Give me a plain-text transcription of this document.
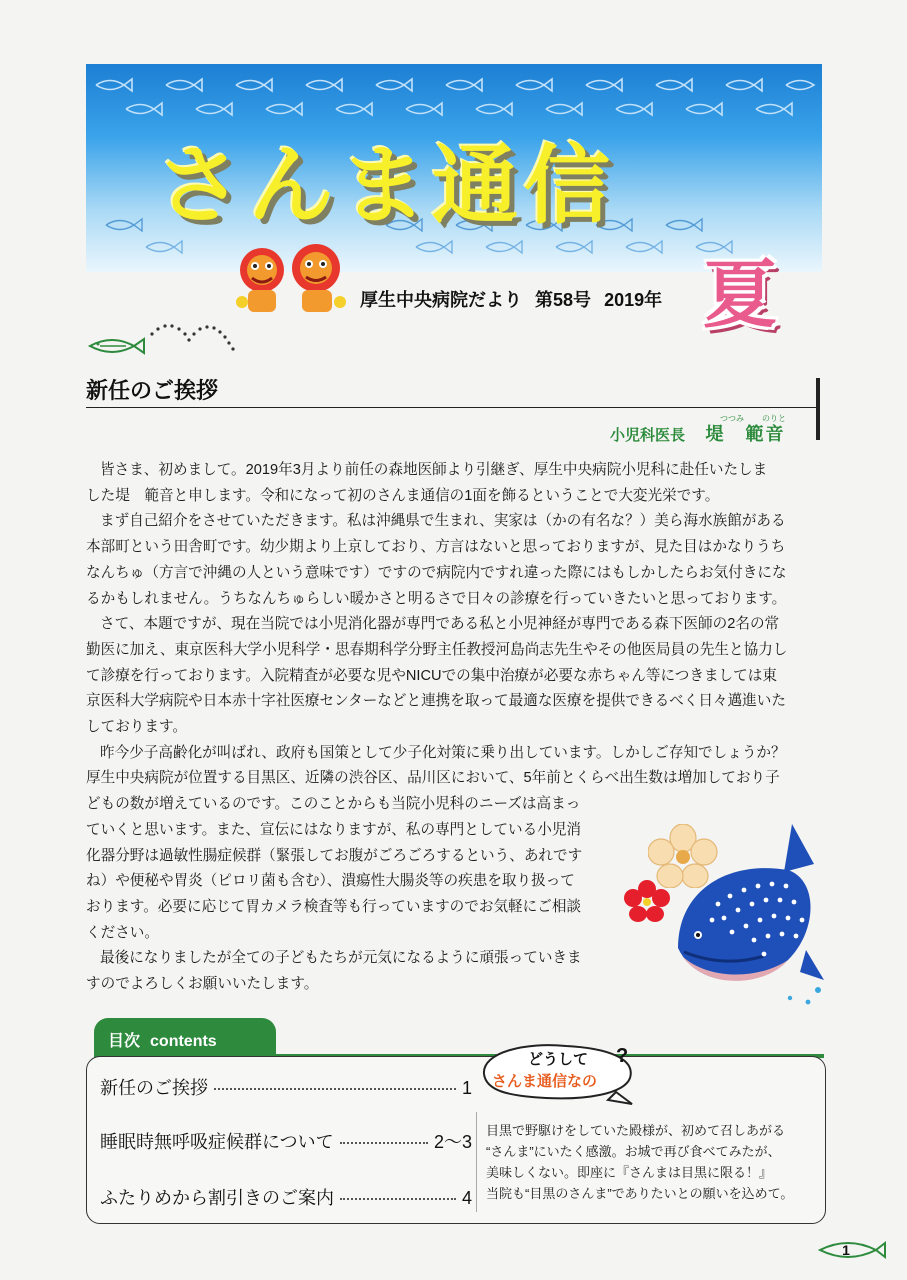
さんま通信
厚生中央病院だより 第58号 2019年 夏
新任のご挨拶
つつみ のりと
小児科医長 堤　範音
皆さま、初めまして。2019年3月より前任の森地医師より引継ぎ、厚生中央病院小児科に赴任いたしま
した堤　範音と申します。令和になって初のさんま通信の1面を飾るということで大変光栄です。
まず自己紹介をさせていただきます。私は沖縄県で生まれ、実家は（かの有名な？）美ら海水族館がある
本部町という田舎町です。幼少期より上京しており、方言はないと思っておりますが、見た目はかなりうち
なんちゅ（方言で沖縄の人という意味です）ですので病院内ですれ違った際にはもしかしたらお気付きにな
るかもしれません。うちなんちゅらしい暖かさと明るさで日々の診療を行っていきたいと思っております。
さて、本題ですが、現在当院では小児消化器が専門である私と小児神経が専門である森下医師の2名の常
勤医に加え、東京医科大学小児科学・思春期科学分野主任教授河島尚志先生やその他医局員の先生と協力し
て診療を行っております。入院精査が必要な児やNICUでの集中治療が必要な赤ちゃん等につきましては東
京医科大学病院や日本赤十字社医療センターなどと連携を取って最適な医療を提供できるべく日々邁進いた
しております。
昨今少子高齢化が叫ばれ、政府も国策として少子化対策に乗り出しています。しかしご存知でしょうか？
厚生中央病院が位置する目黒区、近隣の渋谷区、品川区において、5年前とくらべ出生数は増加しており子
どもの数が増えているのです。このことからも当院小児科のニーズは高まっ
ていくと思います。また、宣伝にはなりますが、私の専門としている小児消
化器分野は過敏性腸症候群（緊張してお腹がごろごろするという、あれです
ね）や便秘や胃炎（ピロリ菌も含む）、潰瘍性大腸炎等の疾患を取り扱って
おります。必要に応じて胃カメラ検査等も行っていますのでお気軽にご相談
ください。
最後になりましたが全ての子どもたちが元気になるように頑張っていきま
すのでよろしくお願いいたします。
目次 contents
新任のご挨拶	1
睡眠時無呼吸症候群について	2〜3
ふたりめから割引きのご案内	4
どうして
さんま通信なの
?
目黒で野駆けをしていた殿様が、初めて召しあがる
“さんま”にいたく感激。お城で再び食べてみたが、
美味しくない。即座に『さんまは目黒に限る！』
当院も“目黒のさんま”でありたいとの願いを込めて。
1
